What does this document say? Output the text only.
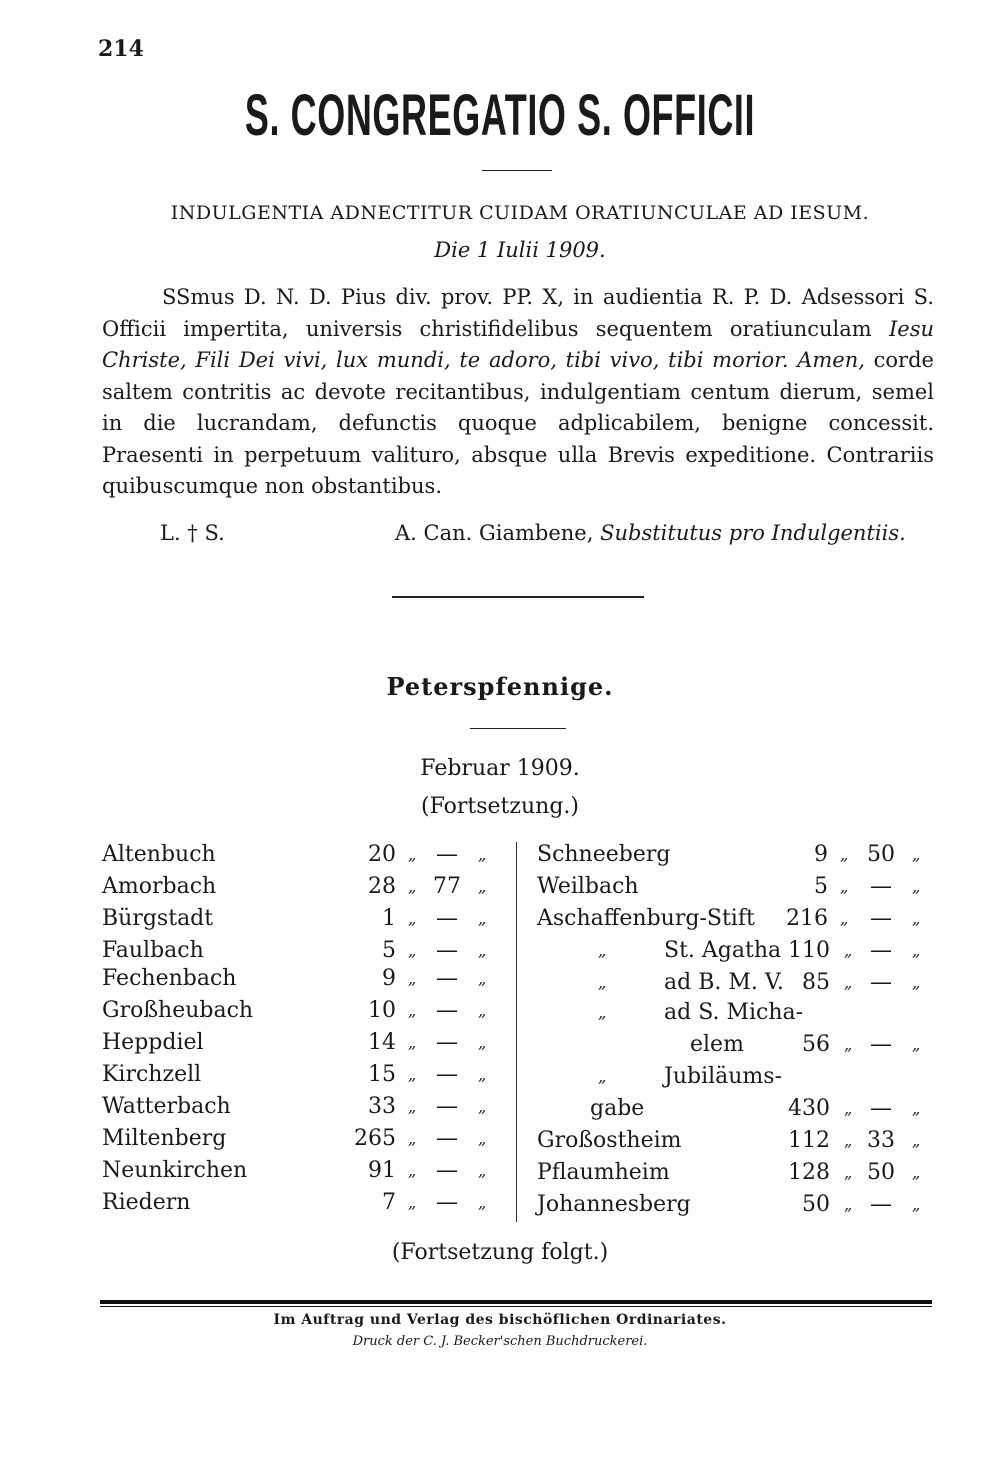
214
S. CONGREGATIO S. OFFICII
INDULGENTIA ADNECTITUR CUIDAM ORATIUNCULAE AD IESUM.
Die 1 Iulii 1909.
SSmus D. N. D. Pius div. prov. PP. X, in audientia R. P. D. Adsessori S. Officii impertita, universis christifidelibus sequentem oratiunculam Iesu Christe, Fili Dei vivi, lux mundi, te adoro, tibi vivo, tibi morior. Amen, corde saltem contritis ac devote recitantibus, indulgentiam centum dierum, semel in die lucrandam, defunctis quoque adplicabilem, benigne concessit. Praesenti in perpetuum valituro, absque ulla Brevis expeditione. Contrariis quibuscumque non obstantibus.
L. † S.	A. Can. Giambene, Substitutus pro Indulgentiis.
Peterspfennige.
Februar 1909.
(Fortsetzung.)
Altenbuch	20 „ — „
Amorbach	28 „ 77 „
Bürgstadt	1 „ — „
Faulbach	5 „ — „
Fechenbach	9 „ — „
Großheubach	10 „ — „
Heppdiel	14 „ — „
Kirchzell	15 „ — „
Watterbach	33 „ — „
Miltenberg	265 „ — „
Neunkirchen	91 „ — „
Riedern	7 „ — „
Schneeberg	9 „ 50 „
Weilbach	5 „ — „
Aschaffenburg-Stift 216 „ — „
„	St. Agatha 110 „ — „
„	ad B. M. V. 85 „ — „
„	ad S. Micha-
elem	56 „ — „
„	Jubiläums-
gabe	430 „ — „
Großostheim	112 „ 33 „
Pflaumheim	128 „ 50 „
Johannesberg	50 „ — „
(Fortsetzung folgt.)
Im Auftrag und Verlag des bischöflichen Ordinariates.
Druck der C. J. Becker'schen Buchdruckerei.
